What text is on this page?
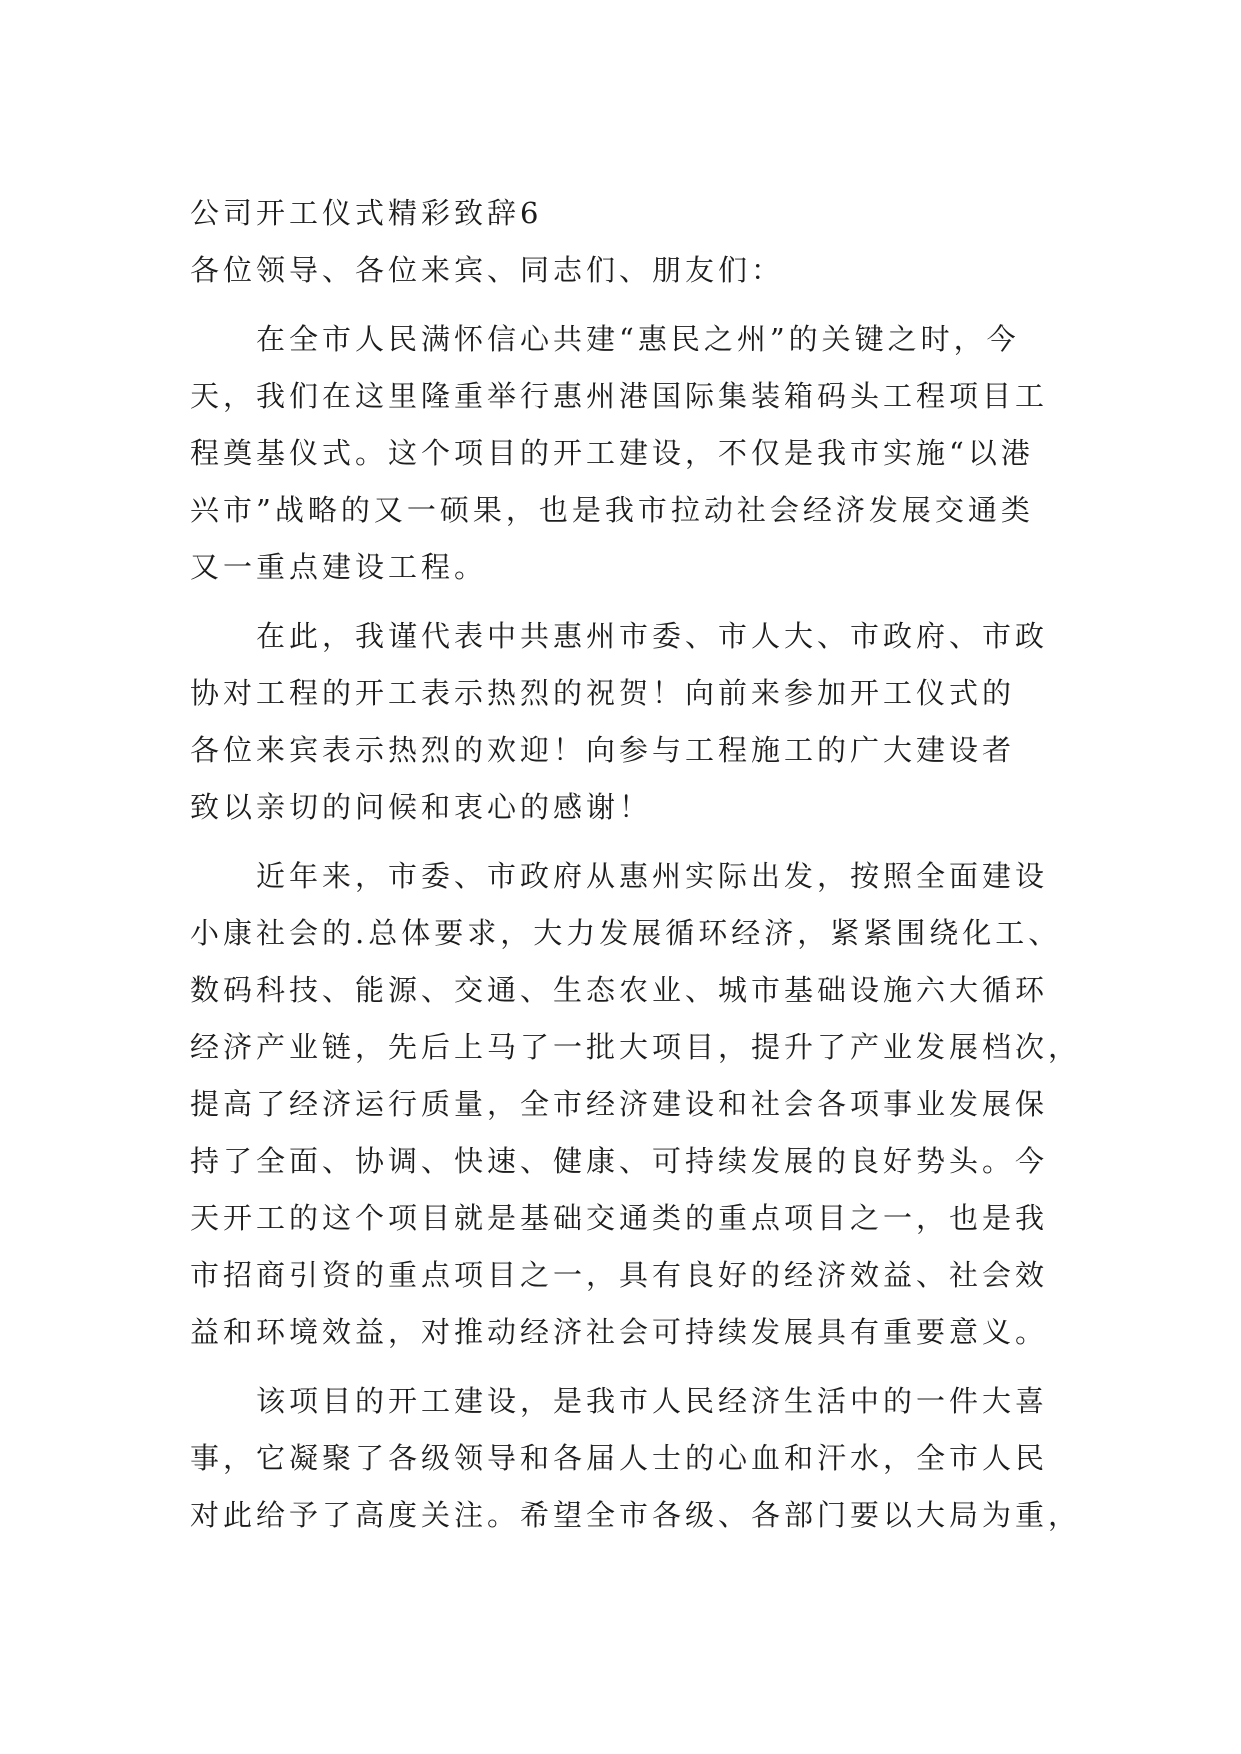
公司开工仪式精彩致辞6
各位领导、各位来宾、同志们、朋友们：
在全市人民满怀信心共建“惠民之州”的关键之时，今
天，我们在这里隆重举行惠州港国际集装箱码头工程项目工
程奠基仪式。这个项目的开工建设，不仅是我市实施“以港
兴市”战略的又一硕果，也是我市拉动社会经济发展交通类
又一重点建设工程。
在此，我谨代表中共惠州市委、市人大、市政府、市政
协对工程的开工表示热烈的祝贺！向前来参加开工仪式的
各位来宾表示热烈的欢迎！向参与工程施工的广大建设者
致以亲切的问候和衷心的感谢！
近年来，市委、市政府从惠州实际出发，按照全面建设
小康社会的.总体要求，大力发展循环经济，紧紧围绕化工、
数码科技、能源、交通、生态农业、城市基础设施六大循环
经济产业链，先后上马了一批大项目，提升了产业发展档次，
提高了经济运行质量，全市经济建设和社会各项事业发展保
持了全面、协调、快速、健康、可持续发展的良好势头。今
天开工的这个项目就是基础交通类的重点项目之一，也是我
市招商引资的重点项目之一，具有良好的经济效益、社会效
益和环境效益，对推动经济社会可持续发展具有重要意义。
该项目的开工建设，是我市人民经济生活中的一件大喜
事，它凝聚了各级领导和各届人士的心血和汗水，全市人民
对此给予了高度关注。希望全市各级、各部门要以大局为重，
